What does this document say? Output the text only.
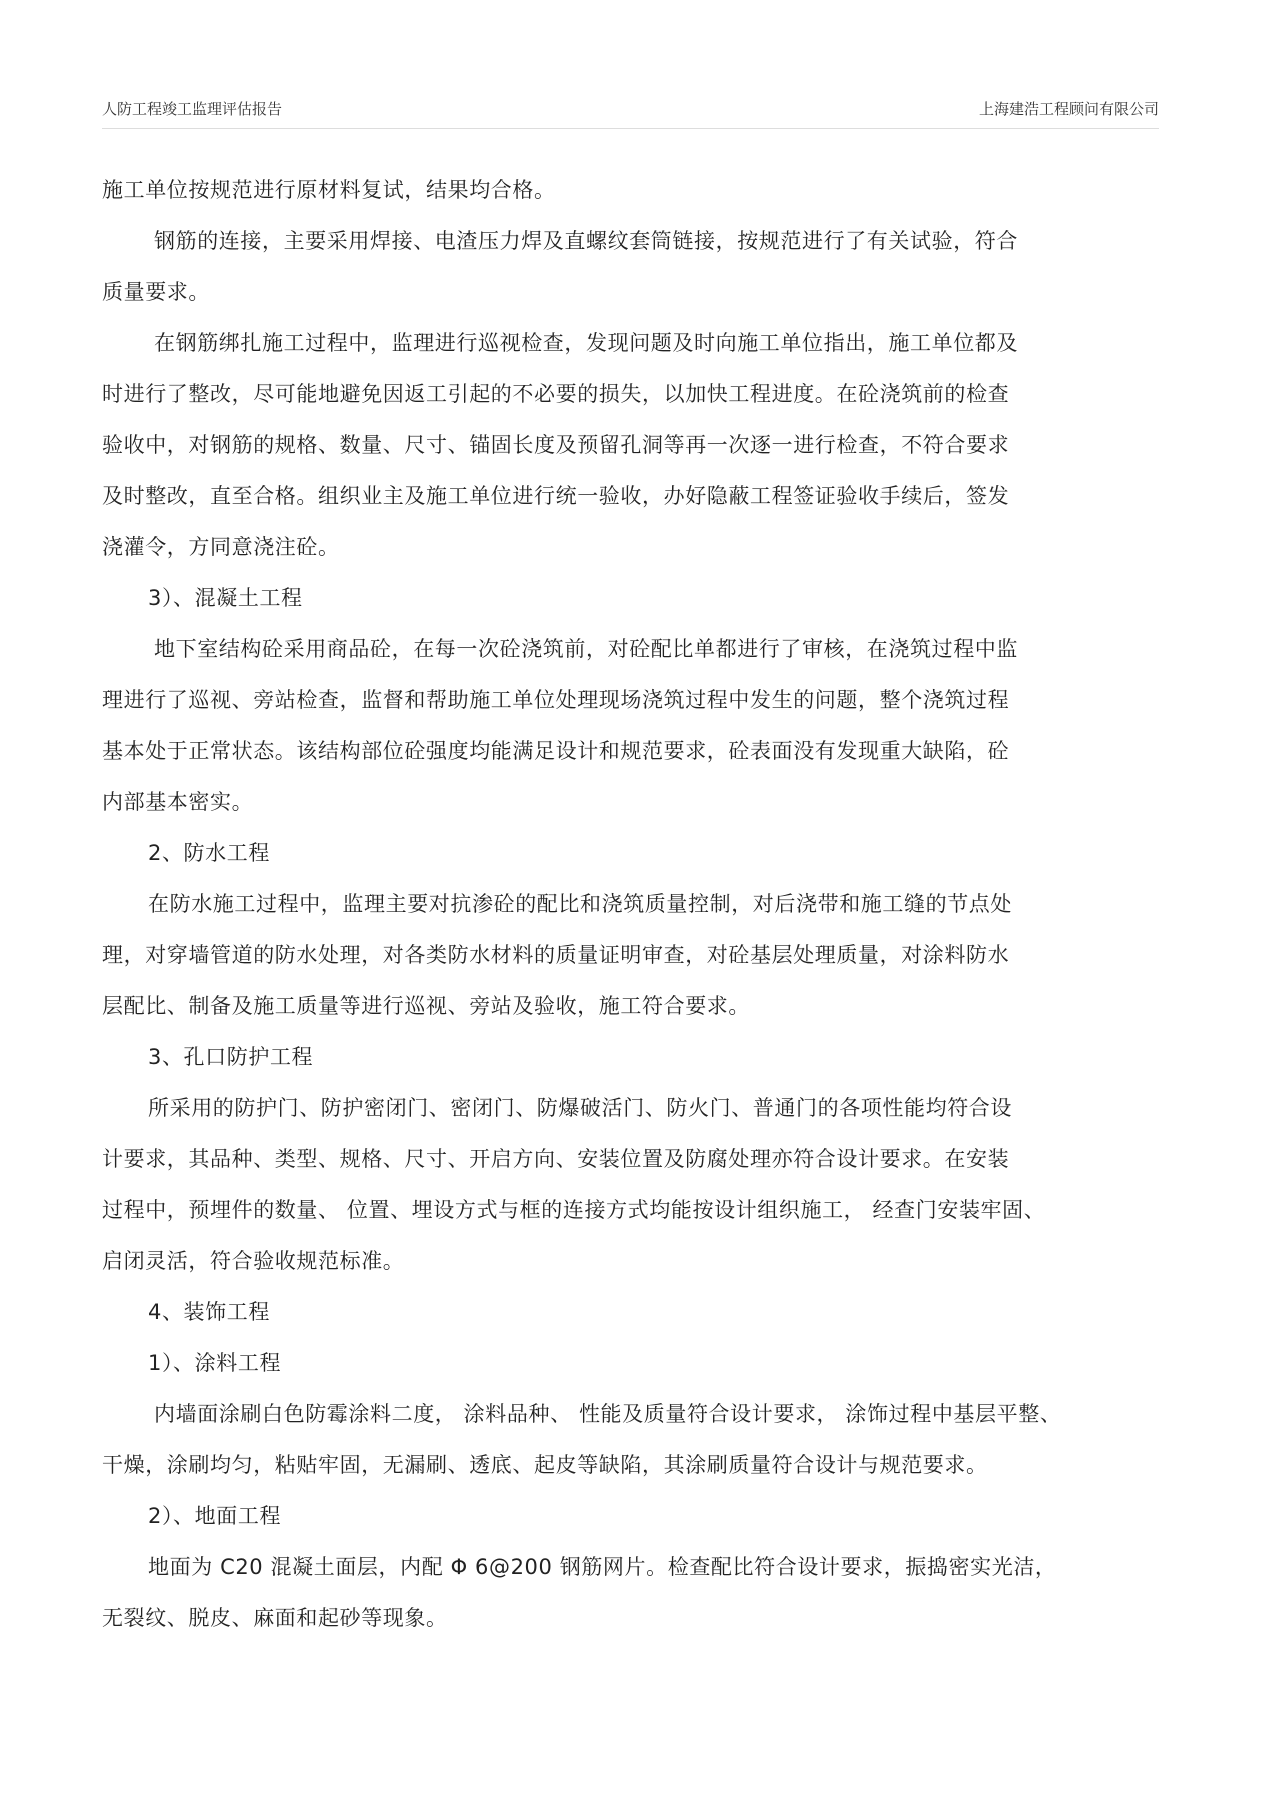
人防工程竣工监理评估报告	上海建浩工程顾问有限公司

施工单位按规范进行原材料复试，结果均合格。

钢筋的连接，主要采用焊接、电渣压力焊及直螺纹套筒链接，按规范进行了有关试验，符合

质量要求。

在钢筋绑扎施工过程中，监理进行巡视检查，发现问题及时向施工单位指出，施工单位都及

时进行了整改，尽可能地避免因返工引起的不必要的损失，以加快工程进度。在砼浇筑前的检查

验收中，对钢筋的规格、数量、尺寸、锚固长度及预留孔洞等再一次逐一进行检查，不符合要求

及时整改，直至合格。组织业主及施工单位进行统一验收，办好隐蔽工程签证验收手续后，签发

浇灌令，方同意浇注砼。

3）、混凝土工程

地下室结构砼采用商品砼，在每一次砼浇筑前，对砼配比单都进行了审核，在浇筑过程中监

理进行了巡视、旁站检查，监督和帮助施工单位处理现场浇筑过程中发生的问题，整个浇筑过程

基本处于正常状态。该结构部位砼强度均能满足设计和规范要求，砼表面没有发现重大缺陷，砼

内部基本密实。

2、防水工程

在防水施工过程中，监理主要对抗渗砼的配比和浇筑质量控制，对后浇带和施工缝的节点处

理，对穿墙管道的防水处理，对各类防水材料的质量证明审查，对砼基层处理质量，对涂料防水

层配比、制备及施工质量等进行巡视、旁站及验收，施工符合要求。

3、孔口防护工程

所采用的防护门、防护密闭门、密闭门、防爆破活门、防火门、普通门的各项性能均符合设

计要求，其品种、类型、规格、尺寸、开启方向、安装位置及防腐处理亦符合设计要求。在安装

过程中，预埋件的数量、 位置、埋设方式与框的连接方式均能按设计组织施工， 经查门安装牢固、

启闭灵活，符合验收规范标准。

4、装饰工程

1）、涂料工程

内墙面涂刷白色防霉涂料二度， 涂料品种、 性能及质量符合设计要求， 涂饰过程中基层平整、

干燥，涂刷均匀，粘贴牢固，无漏刷、透底、起皮等缺陷，其涂刷质量符合设计与规范要求。

2）、地面工程

地面为 C20 混凝土面层，内配 Φ 6@200 钢筋网片。检查配比符合设计要求，振捣密实光洁，

无裂纹、脱皮、麻面和起砂等现象。
